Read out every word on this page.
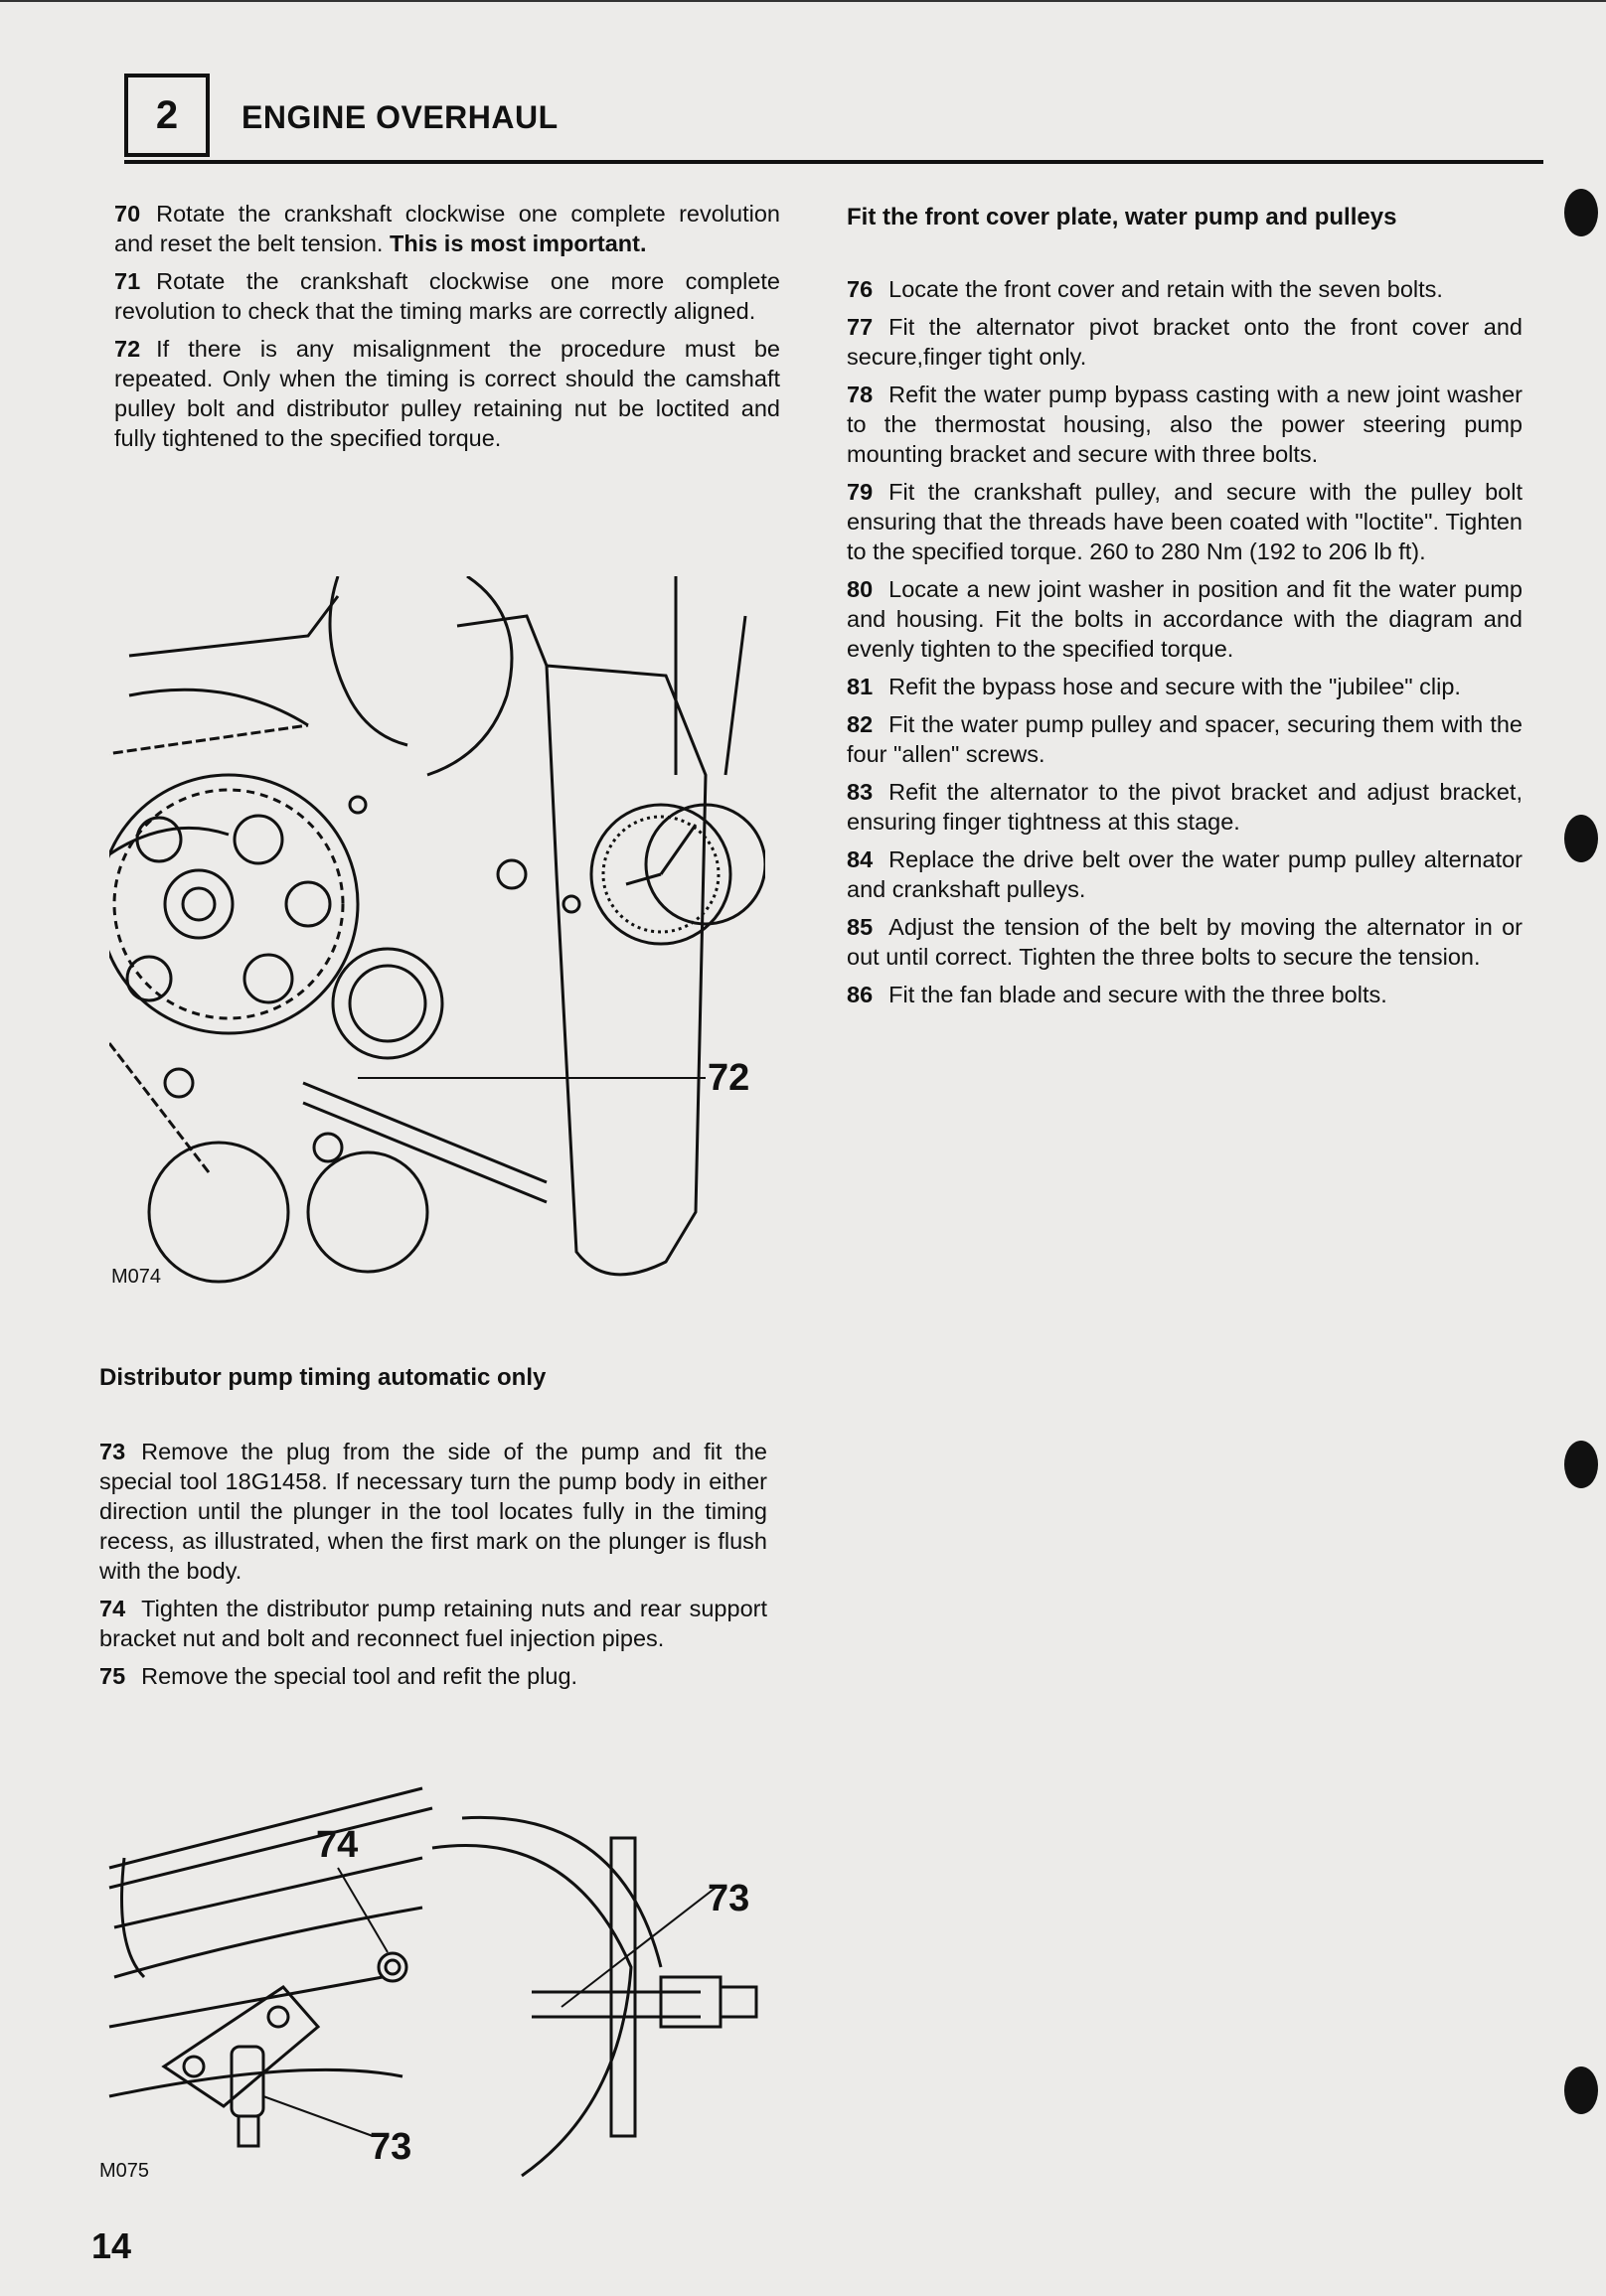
2 ENGINE OVERHAUL

70 Rotate the crankshaft clockwise one complete revolution and reset the belt tension. This is most important.

71 Rotate the crankshaft clockwise one more complete revolution to check that the timing marks are correctly aligned.

72 If there is any misalignment the procedure must be repeated. Only when the timing is correct should the camshaft pulley bolt and distributor pulley retaining nut be loctited and fully tightened to the specified torque.

72
M074

Distributor pump timing automatic only

73 Remove the plug from the side of the pump and fit the special tool 18G1458. If necessary turn the pump body in either direction until the plunger in the tool locates fully in the timing recess, as illustrated, when the first mark on the plunger is flush with the body.

74 Tighten the distributor pump retaining nuts and rear support bracket nut and bolt and reconnect fuel injection pipes.

75 Remove the special tool and refit the plug.

74
73
73
M075

Fit the front cover plate, water pump and pulleys

76 Locate the front cover and retain with the seven bolts.

77 Fit the alternator pivot bracket onto the front cover and secure,finger tight only.

78 Refit the water pump bypass casting with a new joint washer to the thermostat housing, also the power steering pump mounting bracket and secure with three bolts.

79 Fit the crankshaft pulley, and secure with the pulley bolt ensuring that the threads have been coated with "loctite". Tighten to the specified torque. 260 to 280 Nm (192 to 206 lb ft).

80 Locate a new joint washer in position and fit the water pump and housing. Fit the bolts in accordance with the diagram and evenly tighten to the specified torque.

81 Refit the bypass hose and secure with the "jubilee" clip.

82 Fit the water pump pulley and spacer, securing them with the four "allen" screws.

83 Refit the alternator to the pivot bracket and adjust bracket, ensuring finger tightness at this stage.

84 Replace the drive belt over the water pump pulley alternator and crankshaft pulleys.

85 Adjust the tension of the belt by moving the alternator in or out until correct. Tighten the three bolts to secure the tension.

86 Fit the fan blade and secure with the three bolts.

14
